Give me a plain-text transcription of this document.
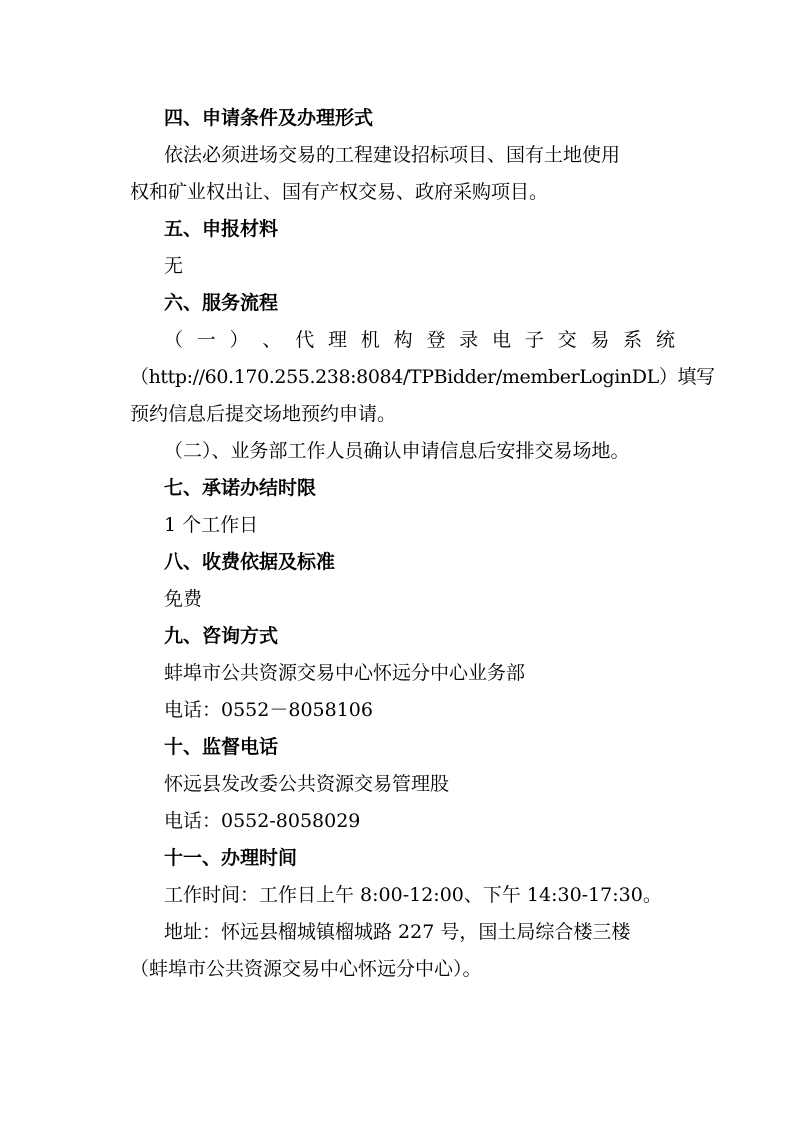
四、申请条件及办理形式
依法必须进场交易的工程建设招标项目、国有土地使用
权和矿业权出让、国有产权交易、政府采购项目。
五、申报材料
无
六、服务流程
（ 一 ） 、 代 理 机 构 登 录 电 子 交 易 系 统
（http://60.170.255.238:8084/TPBidder/memberLoginDL）填写
预约信息后提交场地预约申请。
（二）、业务部工作人员确认申请信息后安排交易场地。
七、承诺办结时限
1 个工作日
八、收费依据及标准
免费
九、咨询方式
蚌埠市公共资源交易中心怀远分中心业务部
电话：0552－8058106
十、监督电话
怀远县发改委公共资源交易管理股
电话：0552-8058029
十一、办理时间
工作时间：工作日上午 8:00-12:00、下午 14:30-17:30。
地址：怀远县榴城镇榴城路 227 号，国土局综合楼三楼
（蚌埠市公共资源交易中心怀远分中心）。
